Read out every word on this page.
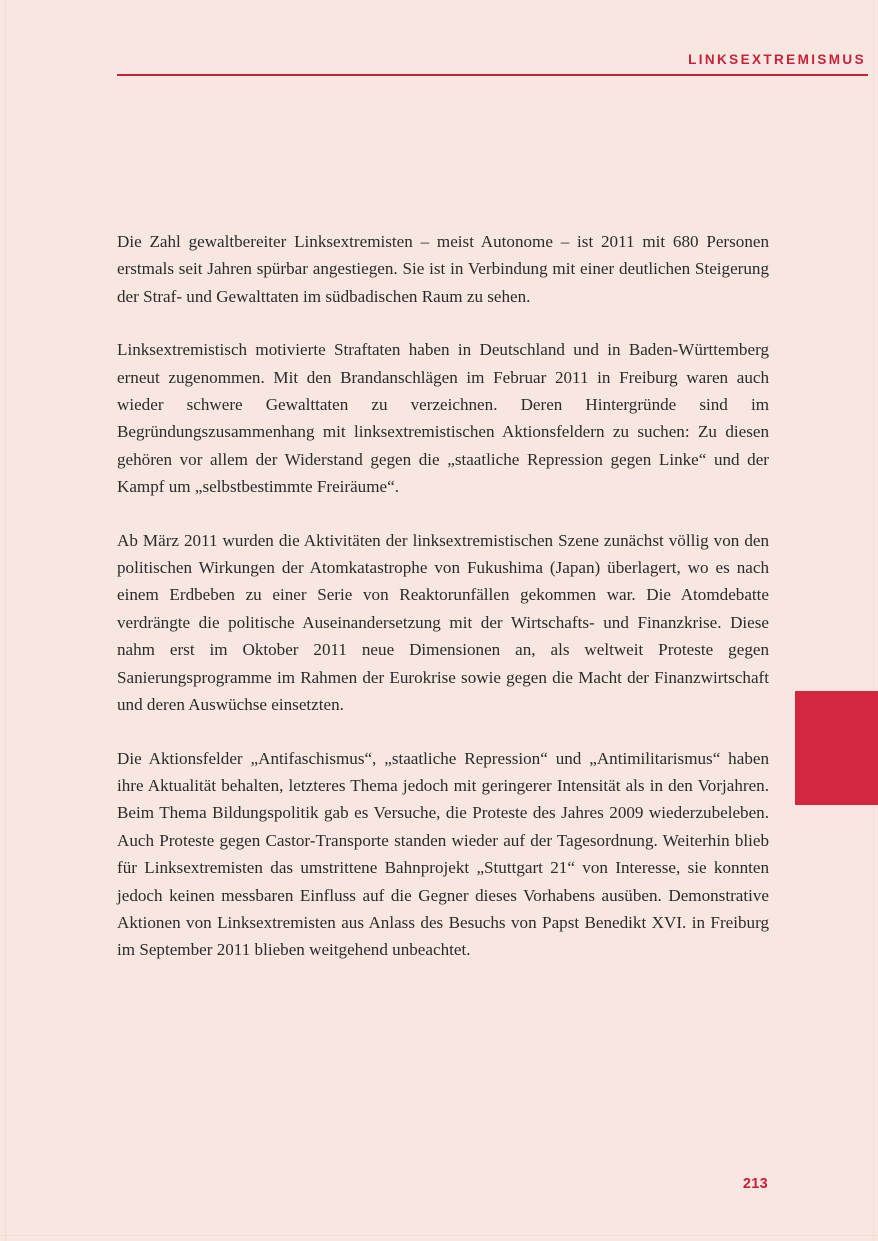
LINKSEXTREMISMUS

Die Zahl gewaltbereiter Linksextremisten – meist Autonome – ist 2011 mit 680 Personen erstmals seit Jahren spürbar angestiegen. Sie ist in Verbindung mit einer deutlichen Steigerung der Straf- und Gewalttaten im südbadischen Raum zu sehen.

Linksextremistisch motivierte Straftaten haben in Deutschland und in Baden-Württemberg erneut zugenommen. Mit den Brandanschlägen im Februar 2011 in Freiburg waren auch wieder schwere Gewalttaten zu verzeichnen. Deren Hintergründe sind im Begründungszusammenhang mit linksextremistischen Aktionsfeldern zu suchen: Zu diesen gehören vor allem der Widerstand gegen die „staatliche Repression gegen Linke“ und der Kampf um „selbstbestimmte Freiräume“.

Ab März 2011 wurden die Aktivitäten der linksextremistischen Szene zunächst völlig von den politischen Wirkungen der Atomkatastrophe von Fukushima (Japan) überlagert, wo es nach einem Erdbeben zu einer Serie von Reaktorunfällen gekommen war. Die Atomdebatte verdrängte die politische Auseinandersetzung mit der Wirtschafts- und Finanzkrise. Diese nahm erst im Oktober 2011 neue Dimensionen an, als weltweit Proteste gegen Sanierungsprogramme im Rahmen der Eurokrise sowie gegen die Macht der Finanzwirtschaft und deren Auswüchse einsetzten.

Die Aktionsfelder „Antifaschismus“, „staatliche Repression“ und „Antimilitarismus“ haben ihre Aktualität behalten, letzteres Thema jedoch mit geringerer Intensität als in den Vorjahren. Beim Thema Bildungspolitik gab es Versuche, die Proteste des Jahres 2009 wiederzubeleben. Auch Proteste gegen Castor-Transporte standen wieder auf der Tagesordnung. Weiterhin blieb für Linksextremisten das umstrittene Bahnprojekt „Stuttgart 21“ von Interesse, sie konnten jedoch keinen messbaren Einfluss auf die Gegner dieses Vorhabens ausüben. Demonstrative Aktionen von Linksextremisten aus Anlass des Besuchs von Papst Benedikt XVI. in Freiburg im September 2011 blieben weitgehend unbeachtet.

213
